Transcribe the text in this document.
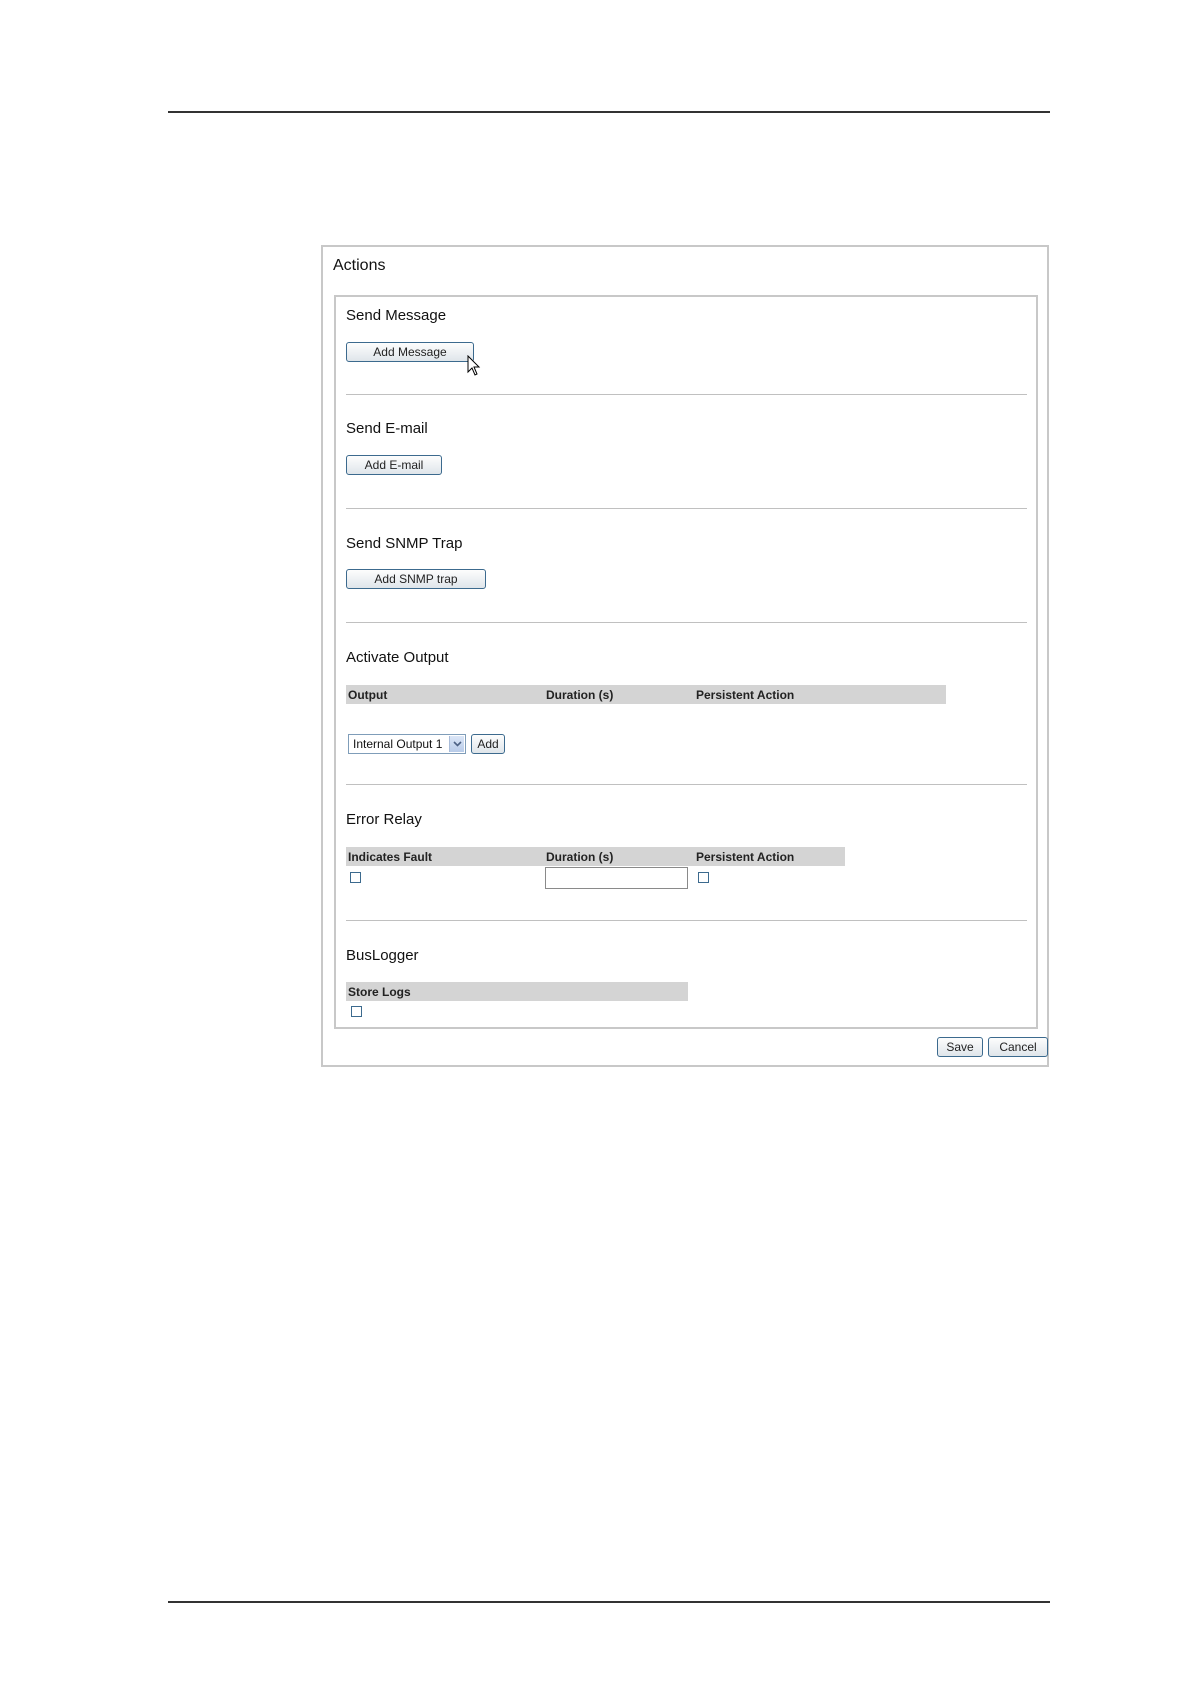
Actions
Send Message
Add Message
Send E-mail
Add E-mail
Send SNMP Trap
Add SNMP trap
Activate Output
Output	Duration (s)	Persistent Action
Internal Output 1	Add
Error Relay
Indicates Fault	Duration (s)	Persistent Action
BusLogger
Store Logs
Save	Cancel
